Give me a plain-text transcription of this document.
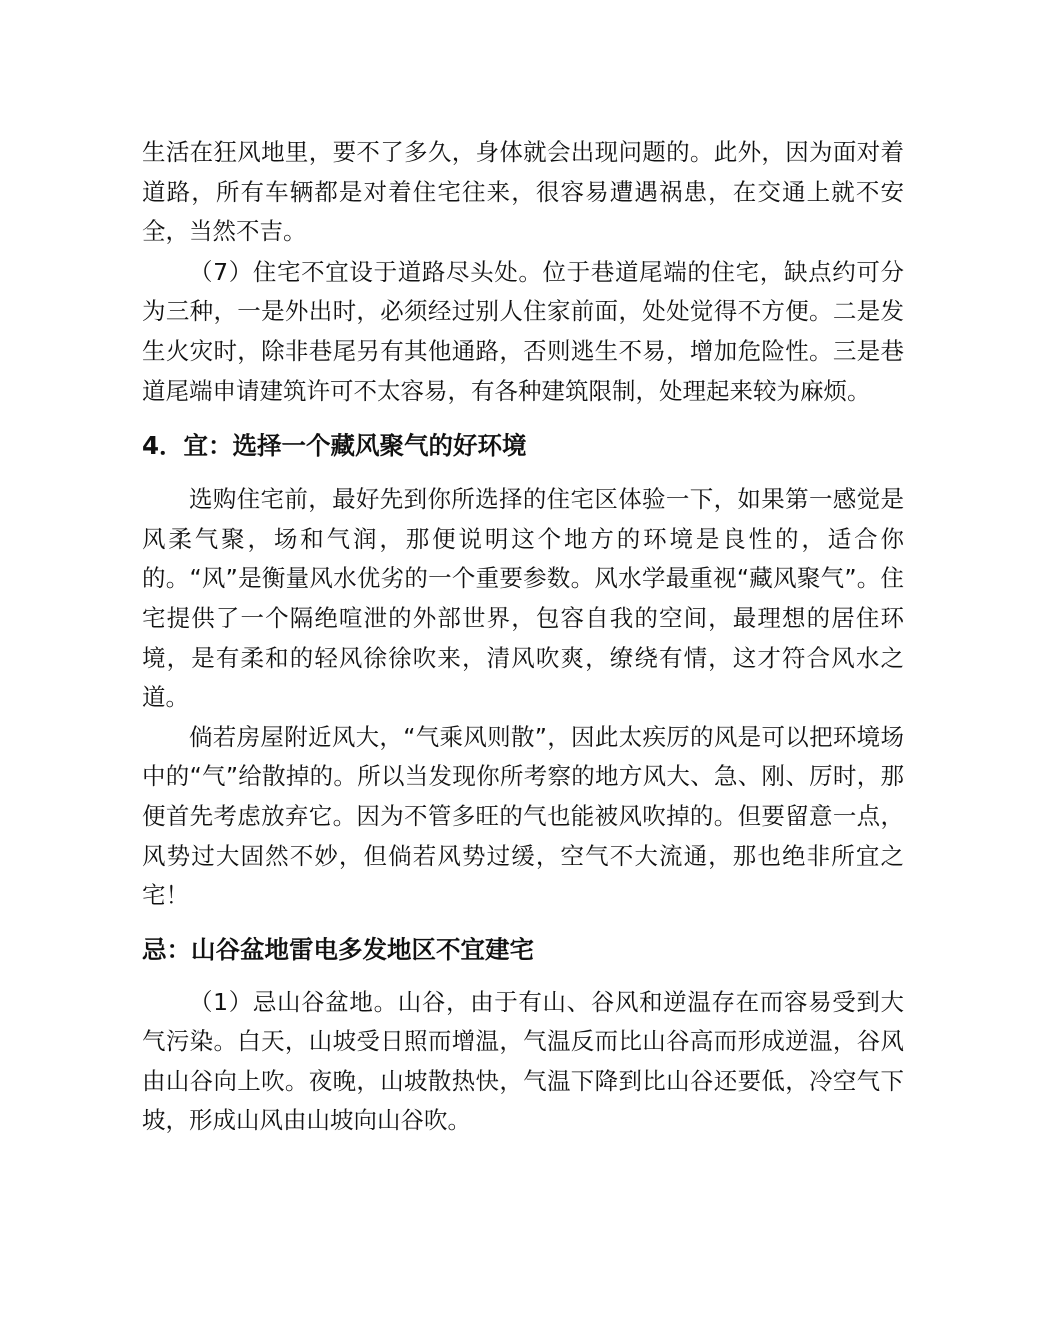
生活在狂风地里，要不了多久，身体就会出现问题的。此外，因为面对着道路，所有车辆都是对着住宅往来，很容易遭遇祸患，在交通上就不安全，当然不吉。

（7）住宅不宜设于道路尽头处。位于巷道尾端的住宅，缺点约可分为三种，一是外出时，必须经过别人住家前面，处处觉得不方便。二是发生火灾时，除非巷尾另有其他通路，否则逃生不易，增加危险性。三是巷道尾端申请建筑许可不太容易，有各种建筑限制，处理起来较为麻烦。

4．宜：选择一个藏风聚气的好环境

选购住宅前，最好先到你所选择的住宅区体验一下，如果第一感觉是风柔气聚，场和气润，那便说明这个地方的环境是良性的，适合你的。“风”是衡量风水优劣的一个重要参数。风水学最重视“藏风聚气”。住宅提供了一个隔绝喧泄的外部世界，包容自我的空间，最理想的居住环境，是有柔和的轻风徐徐吹来，清风吹爽，缭绕有情，这才符合风水之道。

倘若房屋附近风大，“气乘风则散”，因此太疾厉的风是可以把环境场中的“气”给散掉的。所以当发现你所考察的地方风大、急、刚、厉时，那便首先考虑放弃它。因为不管多旺的气也能被风吹掉的。但要留意一点，风势过大固然不妙，但倘若风势过缓，空气不大流通，那也绝非所宜之宅！

忌：山谷盆地雷电多发地区不宜建宅

（1）忌山谷盆地。山谷，由于有山、谷风和逆温存在而容易受到大气污染。白天，山坡受日照而增温，气温反而比山谷高而形成逆温，谷风由山谷向上吹。夜晚，山坡散热快，气温下降到比山谷还要低，冷空气下坡，形成山风由山坡向山谷吹。
